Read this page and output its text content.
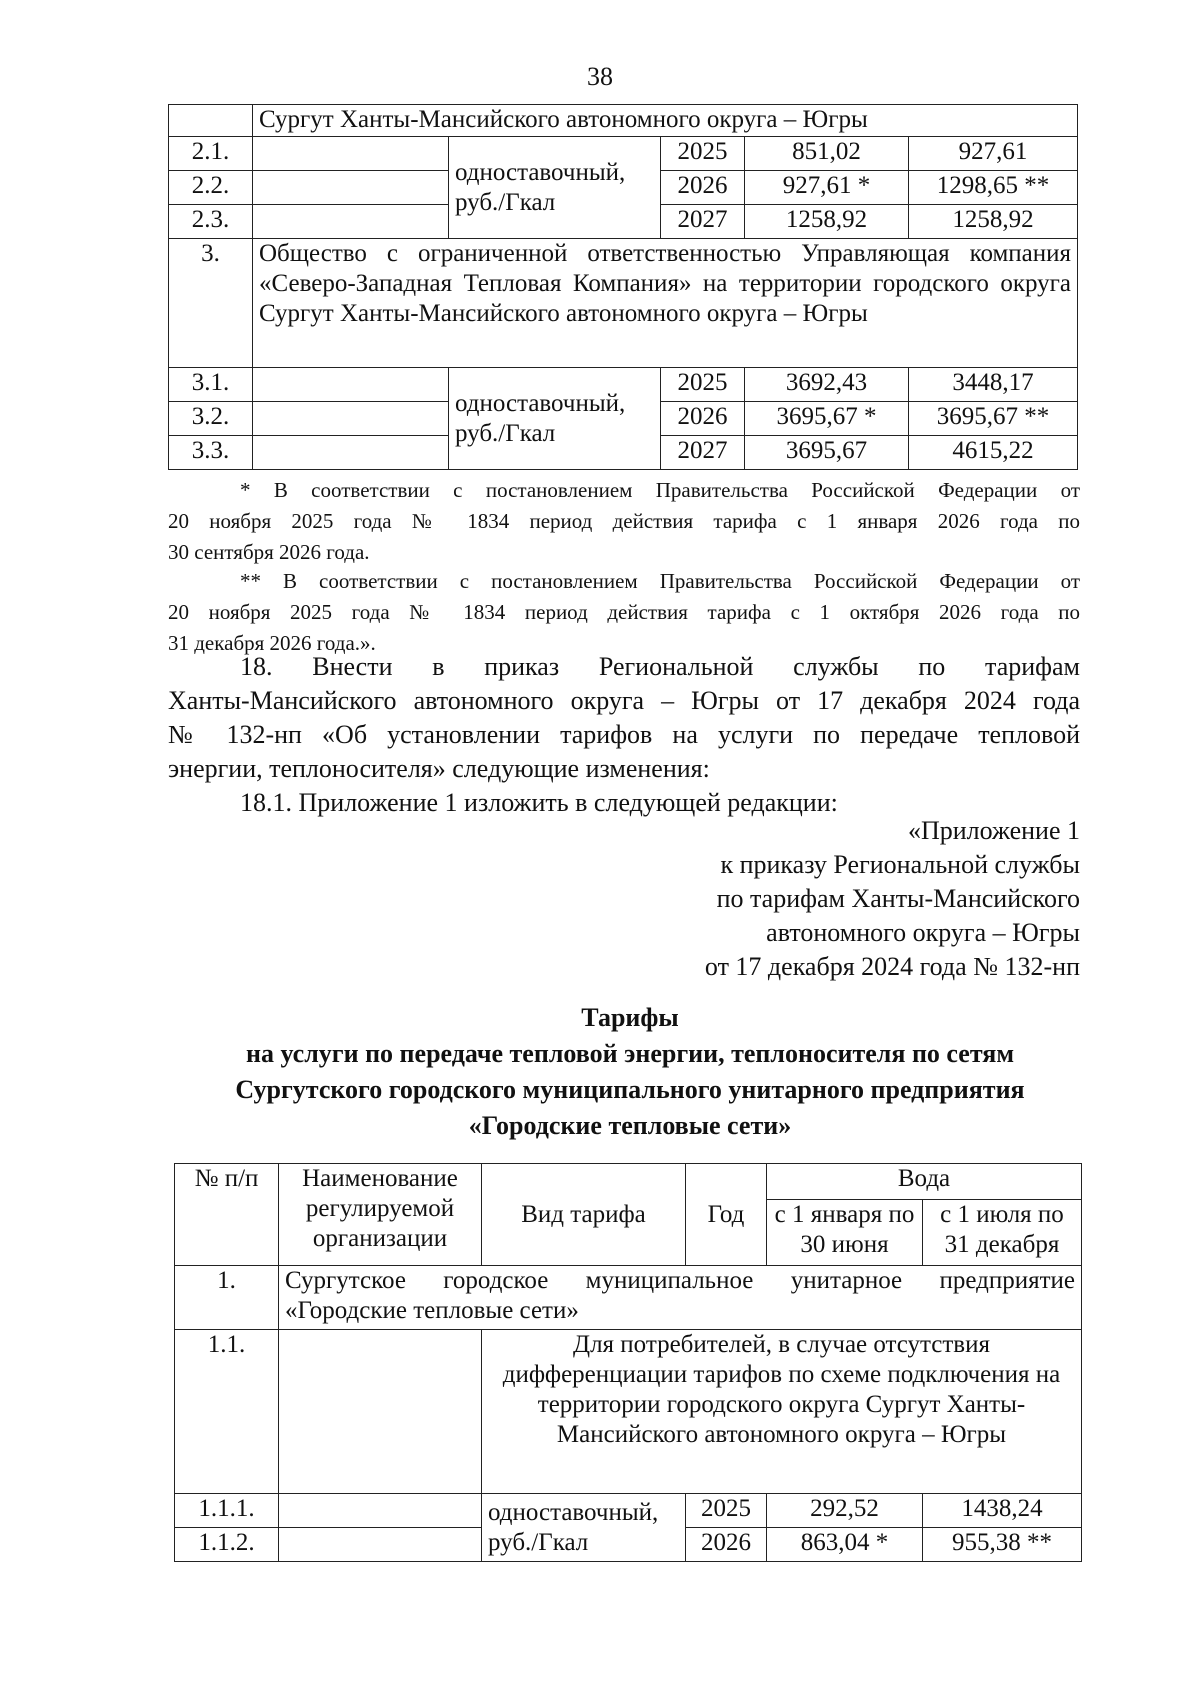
38
	Сургут Ханты-Мансийского автономного округа – Югры				
2.1.		одноставочный, руб./Гкал	2025	851,02	927,61
2.2.			2026	927,61 *	1298,65 **
2.3.			2027	1258,92	1258,92
3.	Общество с ограниченной ответственностью Управляющая компания «Северо-Западная Тепловая Компания» на территории городского округа Сургут Ханты-Мансийского автономного округа – Югры				
3.1.		одноставочный, руб./Гкал	2025	3692,43	3448,17
3.2.			2026	3695,67 *	3695,67 **
3.3.			2027	3695,67	4615,22
* В соответствии с постановлением Правительства Российской Федерации от
20 ноября 2025 года № 1834 период действия тарифа с 1 января 2026 года по
30 сентября 2026 года.
** В соответствии с постановлением Правительства Российской Федерации от
20 ноября 2025 года № 1834 период действия тарифа с 1 октября 2026 года по
31 декабря 2026 года.».
18. Внести в приказ Региональной службы по тарифам
Ханты-Мансийского автономного округа – Югры от 17 декабря 2024 года
№ 132-нп «Об установлении тарифов на услуги по передаче тепловой
энергии, теплоносителя» следующие изменения:
18.1. Приложение 1 изложить в следующей редакции:
«Приложение 1
к приказу Региональной службы
по тарифам Ханты-Мансийского
автономного округа – Югры
от 17 декабря 2024 года № 132-нп
Тарифы
на услуги по передаче тепловой энергии, теплоносителя по сетям
Сургутского городского муниципального унитарного предприятия
«Городские тепловые сети»
№ п/п	Наименование регулируемой организации	Вид тарифа	Год	Вода	
				с 1 января по 30 июня	с 1 июля по 31 декабря

1.	Сургутское городское муниципальное унитарное предприятие «Городские тепловые сети»				
1.1.		Для потребителей, в случае отсутствия дифференциации тарифов по схеме подключения на территории городского округа Сургут Ханты-Мансийского автономного округа – Югры			
1.1.1.		одноставочный, руб./Гкал	2025	292,52	1438,24
1.1.2.			2026	863,04 *	955,38 **
